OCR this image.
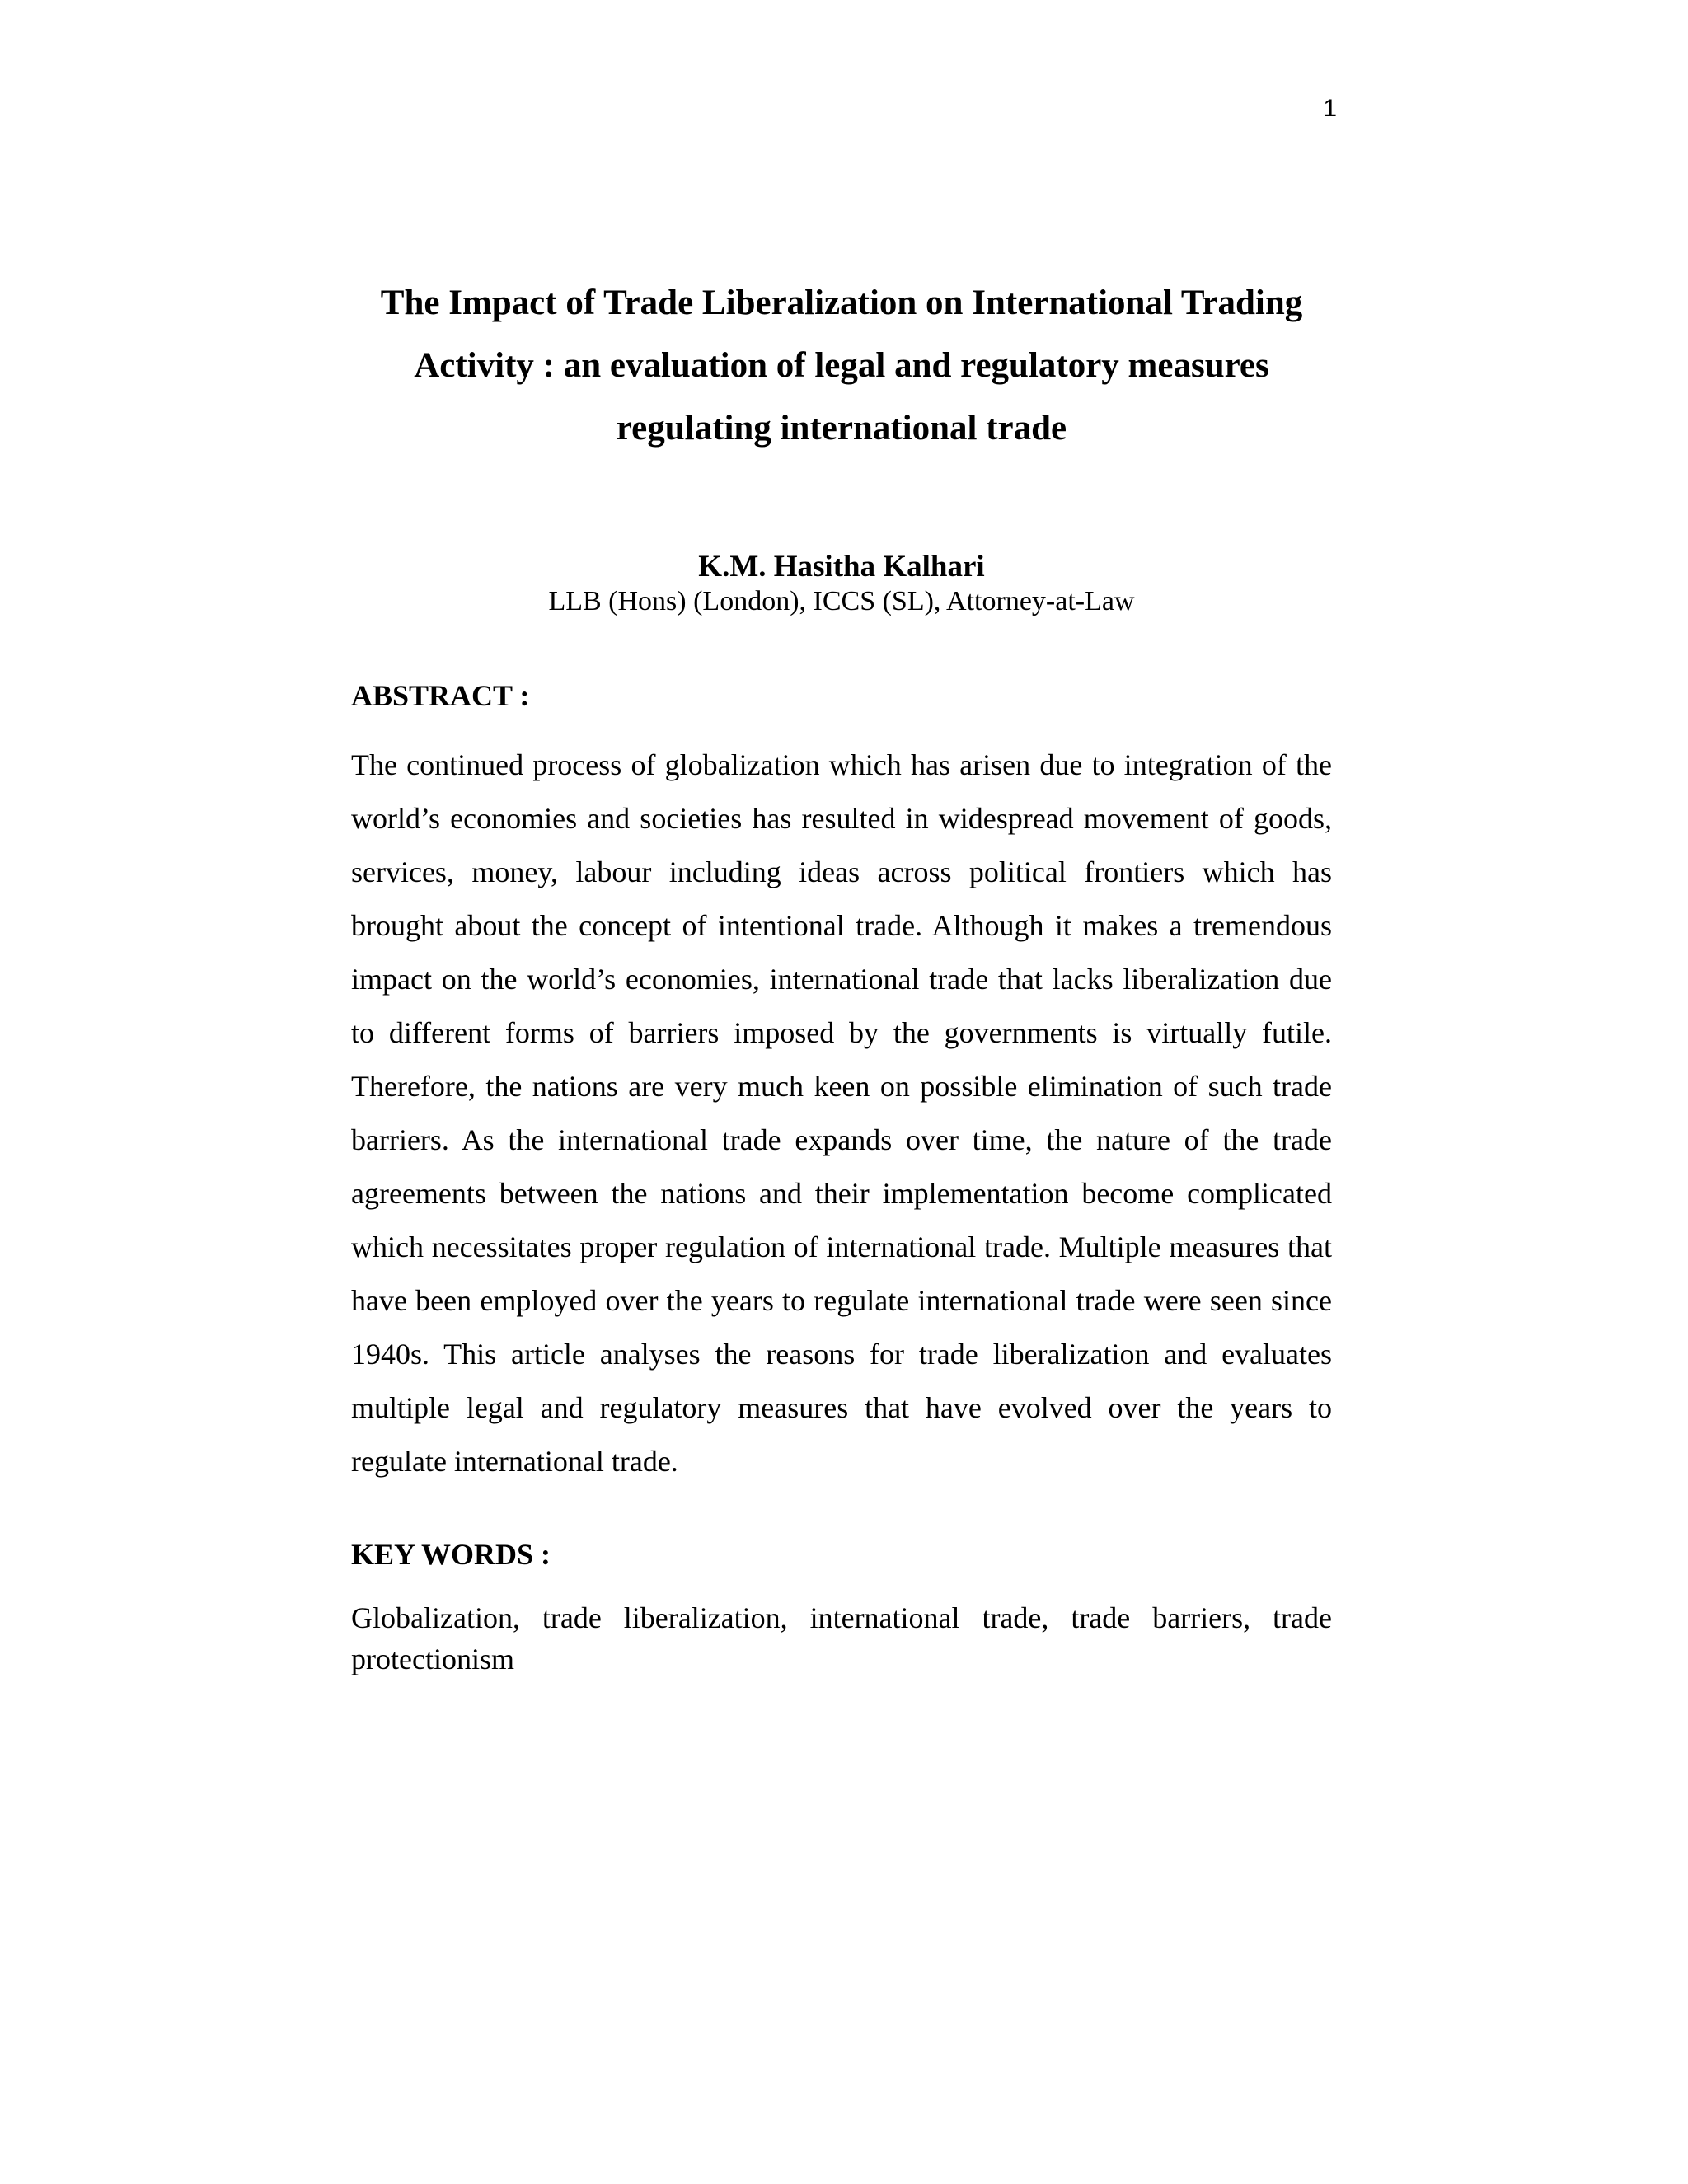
1
The Impact of Trade Liberalization on International Trading Activity : an evaluation of legal and regulatory measures regulating international trade
K.M. Hasitha Kalhari
LLB (Hons) (London), ICCS (SL), Attorney-at-Law
ABSTRACT :

The continued process of globalization which has arisen due to integration of the world’s economies and societies has resulted in widespread movement of goods, services, money, labour including ideas across political frontiers which has brought about the concept of intentional trade. Although it makes a tremendous impact on the world’s economies, international trade that lacks liberalization due to different forms of barriers imposed by the governments is virtually futile. Therefore, the nations are very much keen on possible elimination of such trade barriers. As the international trade expands over time, the nature of the trade agreements between the nations and their implementation become complicated which necessitates proper regulation of international trade. Multiple measures that have been employed over the years to regulate international trade were seen since 1940s. This article analyses the reasons for trade liberalization and evaluates multiple legal and regulatory measures that have evolved over the years to regulate international trade.

KEY WORDS :

Globalization, trade liberalization, international trade, trade barriers, trade protectionism
